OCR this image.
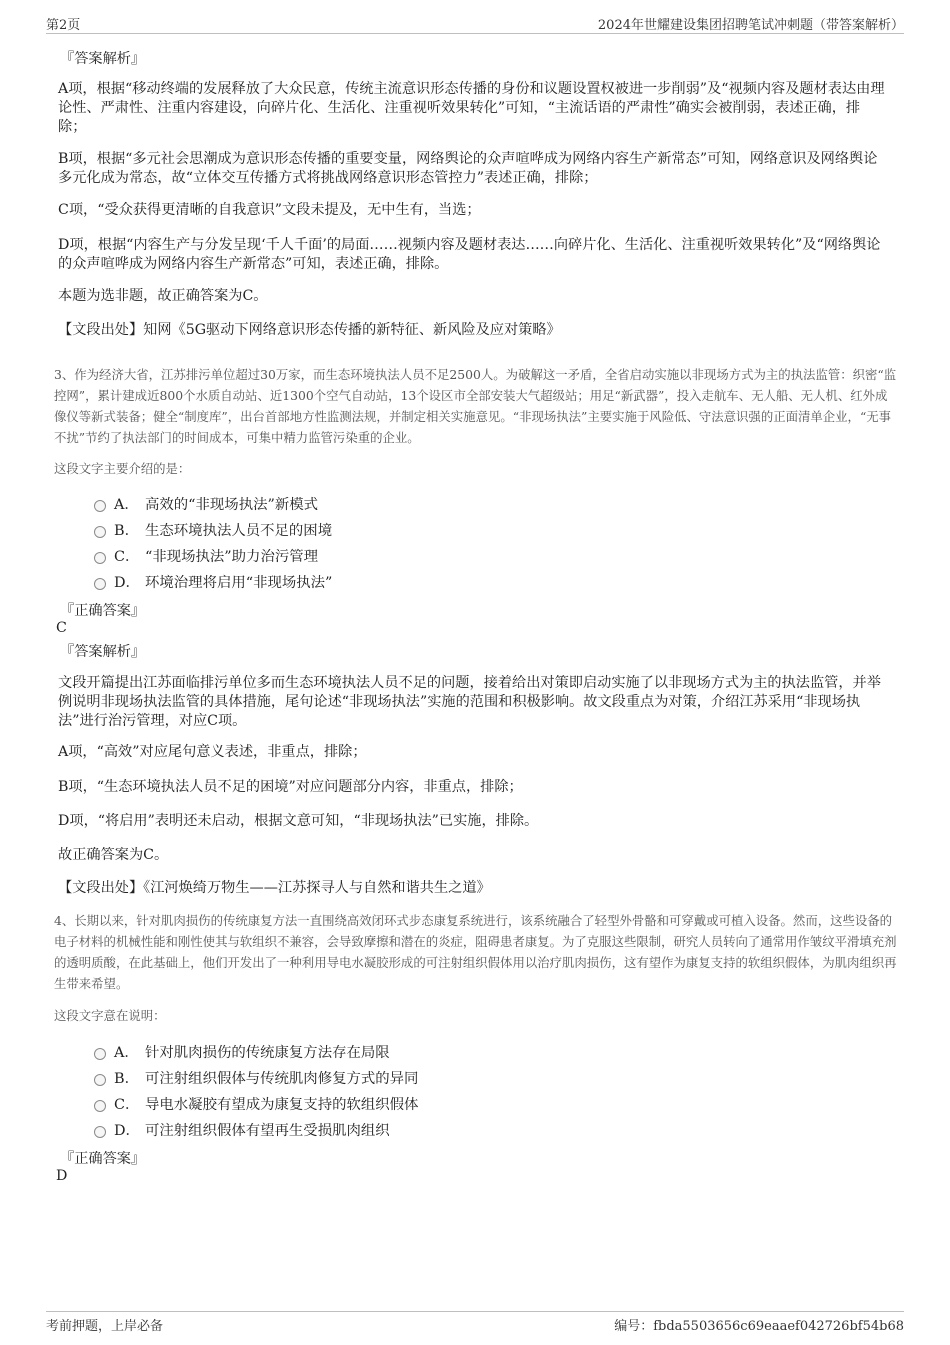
第2页	2024年世耀建设集团招聘笔试冲刺题（带答案解析）
『答案解析』
A项，根据“移动终端的发展释放了大众民意，传统主流意识形态传播的身份和议题设置权被进一步削弱”及“视频内容及题材表达由理论性、严肃性、注重内容建设，向碎片化、生活化、注重视听效果转化”可知，“主流话语的严肃性”确实会被削弱，表述正确，排除；
B项，根据“多元社会思潮成为意识形态传播的重要变量，网络舆论的众声喧哗成为网络内容生产新常态”可知，网络意识及网络舆论多元化成为常态，故“立体交互传播方式将挑战网络意识形态管控力”表述正确，排除；
C项，“受众获得更清晰的自我意识”文段未提及，无中生有，当选；
D项，根据“内容生产与分发呈现‘千人千面’的局面……视频内容及题材表达……向碎片化、生活化、注重视听效果转化”及“网络舆论的众声喧哗成为网络内容生产新常态”可知，表述正确，排除。
本题为选非题，故正确答案为C。
【文段出处】知网《5G驱动下网络意识形态传播的新特征、新风险及应对策略》
3、作为经济大省，江苏排污单位超过30万家，而生态环境执法人员不足2500人。为破解这一矛盾，全省启动实施以非现场方式为主的执法监管：织密“监控网”，累计建成近800个水质自动站、近1300个空气自动站，13个设区市全部安装大气超级站；用足“新武器”，投入走航车、无人船、无人机、红外成像仪等新式装备；健全“制度库”，出台首部地方性监测法规，并制定相关实施意见。“非现场执法”主要实施于风险低、守法意识强的正面清单企业，“无事不扰”节约了执法部门的时间成本，可集中精力监管污染重的企业。
这段文字主要介绍的是：
A． 高效的“非现场执法”新模式
B． 生态环境执法人员不足的困境
C． “非现场执法”助力治污管理
D． 环境治理将启用“非现场执法”
『正确答案』
C
『答案解析』
文段开篇提出江苏面临排污单位多而生态环境执法人员不足的问题，接着给出对策即启动实施了以非现场方式为主的执法监管，并举例说明非现场执法监管的具体措施，尾句论述“非现场执法”实施的范围和积极影响。故文段重点为对策，介绍江苏采用“非现场执法”进行治污管理，对应C项。
A项，“高效”对应尾句意义表述，非重点，排除；
B项，“生态环境执法人员不足的困境”对应问题部分内容，非重点，排除；
D项，“将启用”表明还未启动，根据文意可知，“非现场执法”已实施，排除。
故正确答案为C。
【文段出处】《江河焕绮万物生——江苏探寻人与自然和谐共生之道》
4、长期以来，针对肌肉损伤的传统康复方法一直围绕高效闭环式步态康复系统进行，该系统融合了轻型外骨骼和可穿戴或可植入设备。然而，这些设备的电子材料的机械性能和刚性使其与软组织不兼容，会导致摩擦和潜在的炎症，阻碍患者康复。为了克服这些限制，研究人员转向了通常用作皱纹平滑填充剂的透明质酸，在此基础上，他们开发出了一种利用导电水凝胶形成的可注射组织假体用以治疗肌肉损伤，这有望作为康复支持的软组织假体，为肌肉组织再生带来希望。
这段文字意在说明：
A． 针对肌肉损伤的传统康复方法存在局限
B． 可注射组织假体与传统肌肉修复方式的异同
C． 导电水凝胶有望成为康复支持的软组织假体
D． 可注射组织假体有望再生受损肌肉组织
『正确答案』
D
考前押题，上岸必备	编号：fbda5503656c69eaaef042726bf54b68
